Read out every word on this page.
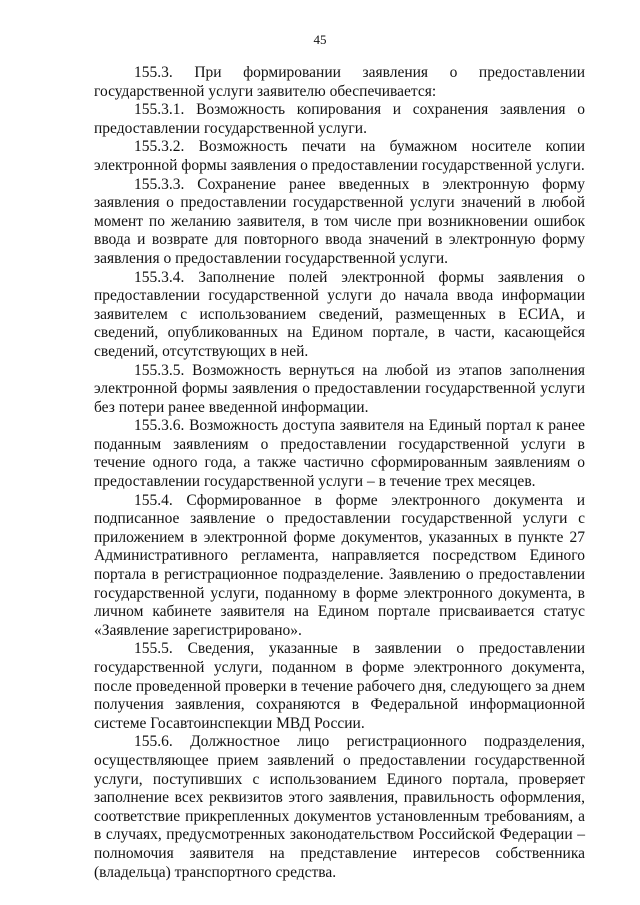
45

155.3. При формировании заявления о предоставлении государственной услуги заявителю обеспечивается:

155.3.1. Возможность копирования и сохранения заявления о предоставлении государственной услуги.

155.3.2. Возможность печати на бумажном носителе копии электронной формы заявления о предоставлении государственной услуги.

155.3.3. Сохранение ранее введенных в электронную форму заявления о предоставлении государственной услуги значений в любой момент по желанию заявителя, в том числе при возникновении ошибок ввода и возврате для повторного ввода значений в электронную форму заявления о предоставлении государственной услуги.

155.3.4. Заполнение полей электронной формы заявления о предоставлении государственной услуги до начала ввода информации заявителем с использованием сведений, размещенных в ЕСИА, и сведений, опубликованных на Едином портале, в части, касающейся сведений, отсутствующих в ней.

155.3.5. Возможность вернуться на любой из этапов заполнения электронной формы заявления о предоставлении государственной услуги без потери ранее введенной информации.

155.3.6. Возможность доступа заявителя на Единый портал к ранее поданным заявлениям о предоставлении государственной услуги в течение одного года, а также частично сформированным заявлениям о предоставлении государственной услуги – в течение трех месяцев.

155.4. Сформированное в форме электронного документа и подписанное заявление о предоставлении государственной услуги с приложением в электронной форме документов, указанных в пункте 27 Административного регламента, направляется посредством Единого портала в регистрационное подразделение. Заявлению о предоставлении государственной услуги, поданному в форме электронного документа, в личном кабинете заявителя на Едином портале присваивается статус «Заявление зарегистрировано».

155.5. Сведения, указанные в заявлении о предоставлении государственной услуги, поданном в форме электронного документа, после проведенной проверки в течение рабочего дня, следующего за днем получения заявления, сохраняются в Федеральной информационной системе Госавтоинспекции МВД России.

155.6. Должностное лицо регистрационного подразделения, осуществляющее прием заявлений о предоставлении государственной услуги, поступивших с использованием Единого портала, проверяет заполнение всех реквизитов этого заявления, правильность оформления, соответствие прикрепленных документов установленным требованиям, а в случаях, предусмотренных законодательством Российской Федерации – полномочия заявителя на представление интересов собственника (владельца) транспортного средства.
